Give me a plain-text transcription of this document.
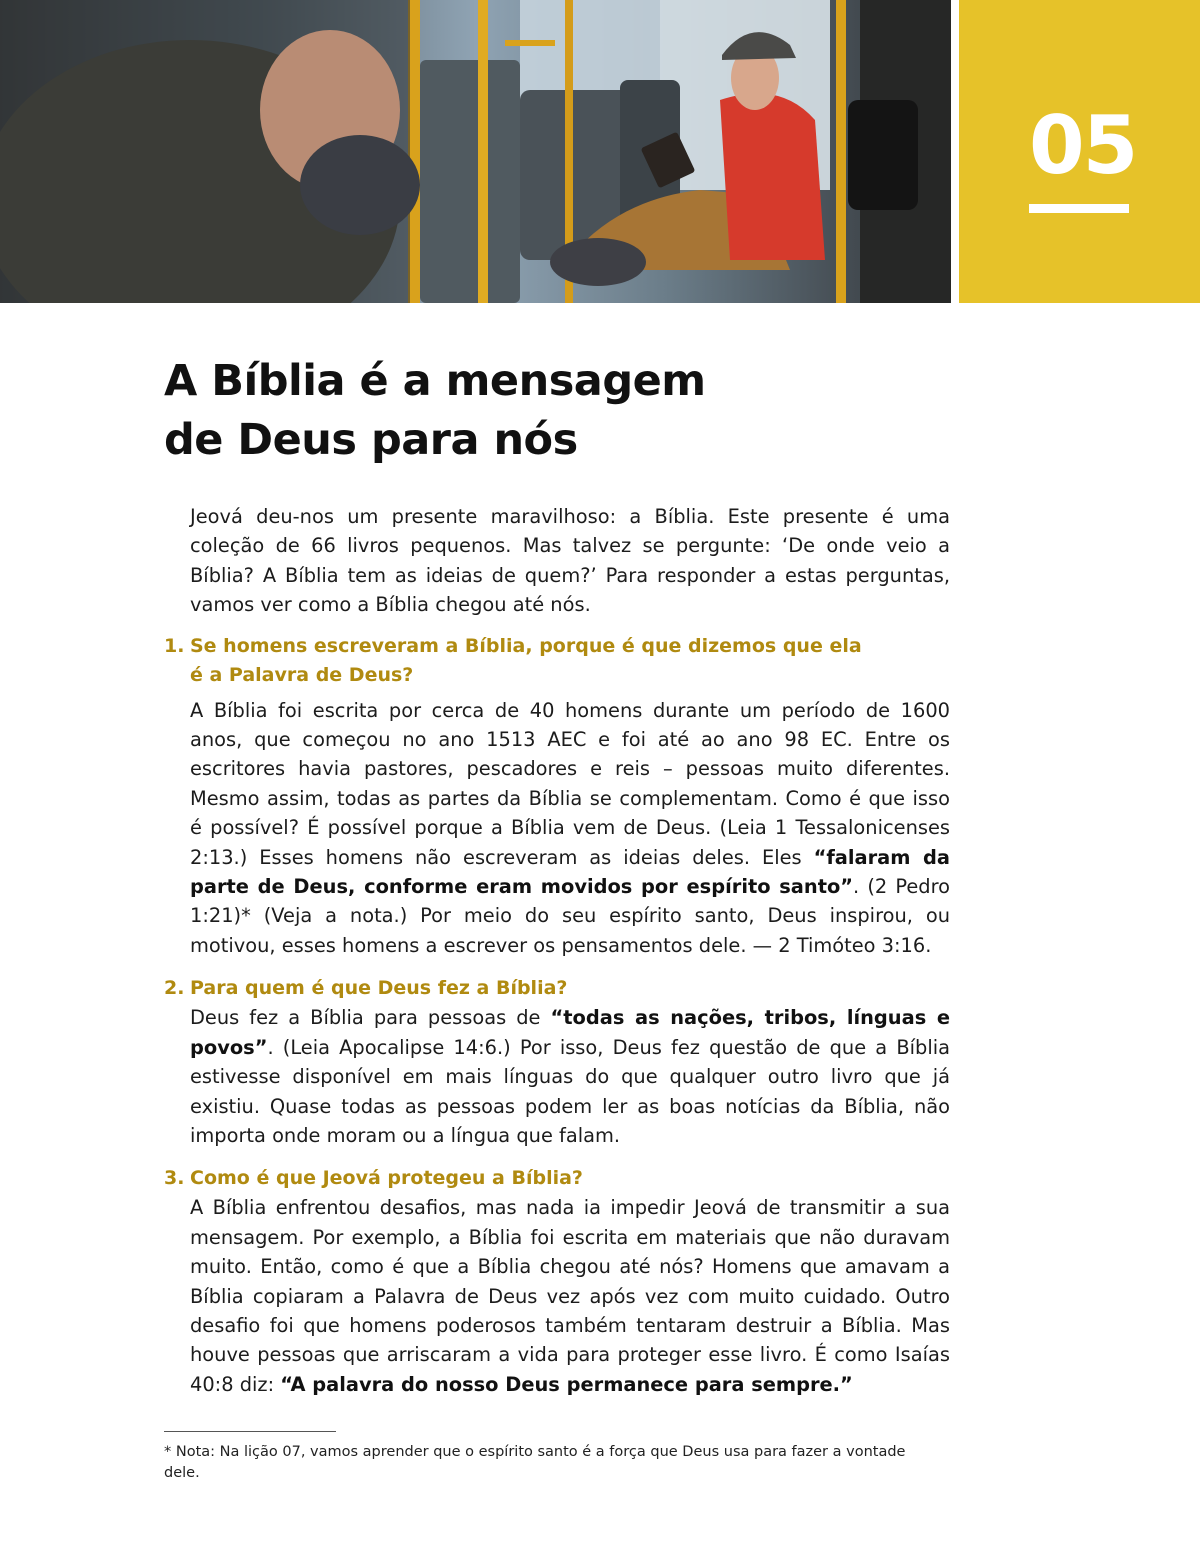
05
A Bíblia é a mensagem
de Deus para nós

Jeová deu-nos um presente maravilhoso: a Bíblia. Este presente é uma coleção de 66 livros pequenos. Mas talvez se pergunte: ‘De onde veio a Bíblia? A Bíblia tem as ideias de quem?’ Para responder a estas perguntas, vamos ver como a Bíblia chegou até nós.

1. Se homens escreveram a Bíblia, porque é que dizemos que ela é a Palavra de Deus?

A Bíblia foi escrita por cerca de 40 homens durante um período de 1600 anos, que começou no ano 1513 AEC e foi até ao ano 98 EC. Entre os escritores havia pastores, pescadores e reis – pessoas muito diferentes. Mesmo assim, todas as partes da Bíblia se complementam. Como é que isso é possível? É possível porque a Bíblia vem de Deus. (Leia 1 Tessalonicenses 2:13.) Esses homens não escreveram as ideias deles. Eles “falaram da parte de Deus, conforme eram movidos por espírito santo”. (2 Pedro 1:21)* (Veja a nota.) Por meio do seu espírito santo, Deus inspirou, ou motivou, esses homens a escrever os pensamentos dele. — 2 Timóteo 3:16.

2. Para quem é que Deus fez a Bíblia?

Deus fez a Bíblia para pessoas de “todas as nações, tribos, línguas e povos”. (Leia Apocalipse 14:6.) Por isso, Deus fez questão de que a Bíblia estivesse disponível em mais línguas do que qualquer outro livro que já existiu. Quase todas as pessoas podem ler as boas notícias da Bíblia, não importa onde moram ou a língua que falam.

3. Como é que Jeová protegeu a Bíblia?

A Bíblia enfrentou desafios, mas nada ia impedir Jeová de transmitir a sua mensagem. Por exemplo, a Bíblia foi escrita em materiais que não duravam muito. Então, como é que a Bíblia chegou até nós? Homens que amavam a Bíblia copiaram a Palavra de Deus vez após vez com muito cuidado. Outro desafio foi que homens poderosos também tentaram destruir a Bíblia. Mas houve pessoas que arriscaram a vida para proteger esse livro. É como Isaías 40:8 diz: “A palavra do nosso Deus permanece para sempre.”

* Nota: Na lição 07, vamos aprender que o espírito santo é a força que Deus usa para fazer a vontade dele.
